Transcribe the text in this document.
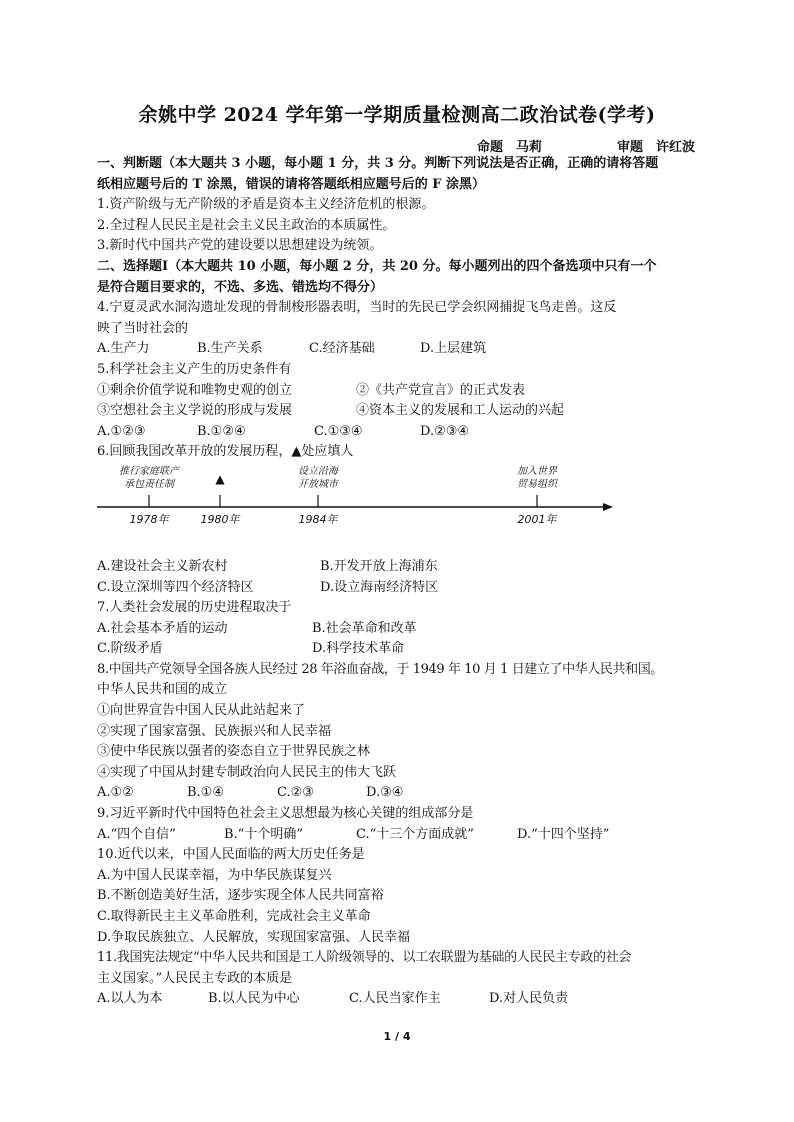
余姚中学 2024 学年第一学期质量检测高二政治试卷(学考)
命题　马莉	审题　许红波
一、判断题（本大题共 3 小题，每小题 1 分，共 3 分。判断下列说法是否正确，正确的请将答题
纸相应题号后的 T 涂黑，错误的请将答题纸相应题号后的 F 涂黑）
1.资产阶级与无产阶级的矛盾是资本主义经济危机的根源。
2.全过程人民民主是社会主义民主政治的本质属性。
3.新时代中国共产党的建设要以思想建设为统领。
二、选择题Ⅰ（本大题共 10 小题，每小题 2 分，共 20 分。每小题列出的四个备选项中只有一个
是符合题目要求的，不选、多选、错选均不得分）
4.宁夏灵武水洞沟遗址发现的骨制梭形器表明，当时的先民已学会织网捕捉飞鸟走兽。这反
映了当时社会的
A.生产力	B.生产关系	C.经济基础	D.上层建筑
5.科学社会主义产生的历史条件有
①剩余价值学说和唯物史观的创立	②《共产党宣言》的正式发表
③空想社会主义学说的形成与发展	④资本主义的发展和工人运动的兴起
A.①②③	B.①②④	C.①③④	D.②③④
6.回顾我国改革开放的发展历程，▲处应填人
推行家庭联产
承包责任制	▲
设立沿海
开放城市
加入世界
贸易组织
1978年	1980年	1984年	2001年
A.建设社会主义新农村	B.开发开放上海浦东
C.设立深圳等四个经济特区	D.设立海南经济特区
7.人类社会发展的历史进程取决于
A.社会基本矛盾的运动	B.社会革命和改革
C.阶级矛盾	D.科学技术革命
8.中国共产党领导全国各族人民经过 28 年浴血奋战，于 1949 年 10 月 1 日建立了中华人民共和国。
中华人民共和国的成立
①向世界宣告中国人民从此站起来了
②实现了国家富强、民族振兴和人民幸福
③使中华民族以强者的姿态自立于世界民族之林
④实现了中国从封建专制政治向人民民主的伟大飞跃
A.①②	B.①④	C.②③	D.③④
9.习近平新时代中国特色社会主义思想最为核心关键的组成部分是
A.“四个自信”	B.“十个明确”	C.“十三个方面成就”	D.“十四个坚持”
10.近代以来，中国人民面临的两大历史任务是
A.为中国人民谋幸福，为中华民族谋复兴
B.不断创造美好生活，逐步实现全体人民共同富裕
C.取得新民主主义革命胜利，完成社会主义革命
D.争取民族独立、人民解放，实现国家富强、人民幸福
11.我国宪法规定“中华人民共和国是工人阶级领导的、以工农联盟为基础的人民民主专政的社会
主义国家。”人民民主专政的本质是
A.以人为本	B.以人民为中心	C.人民当家作主	D.对人民负责
1 / 4
